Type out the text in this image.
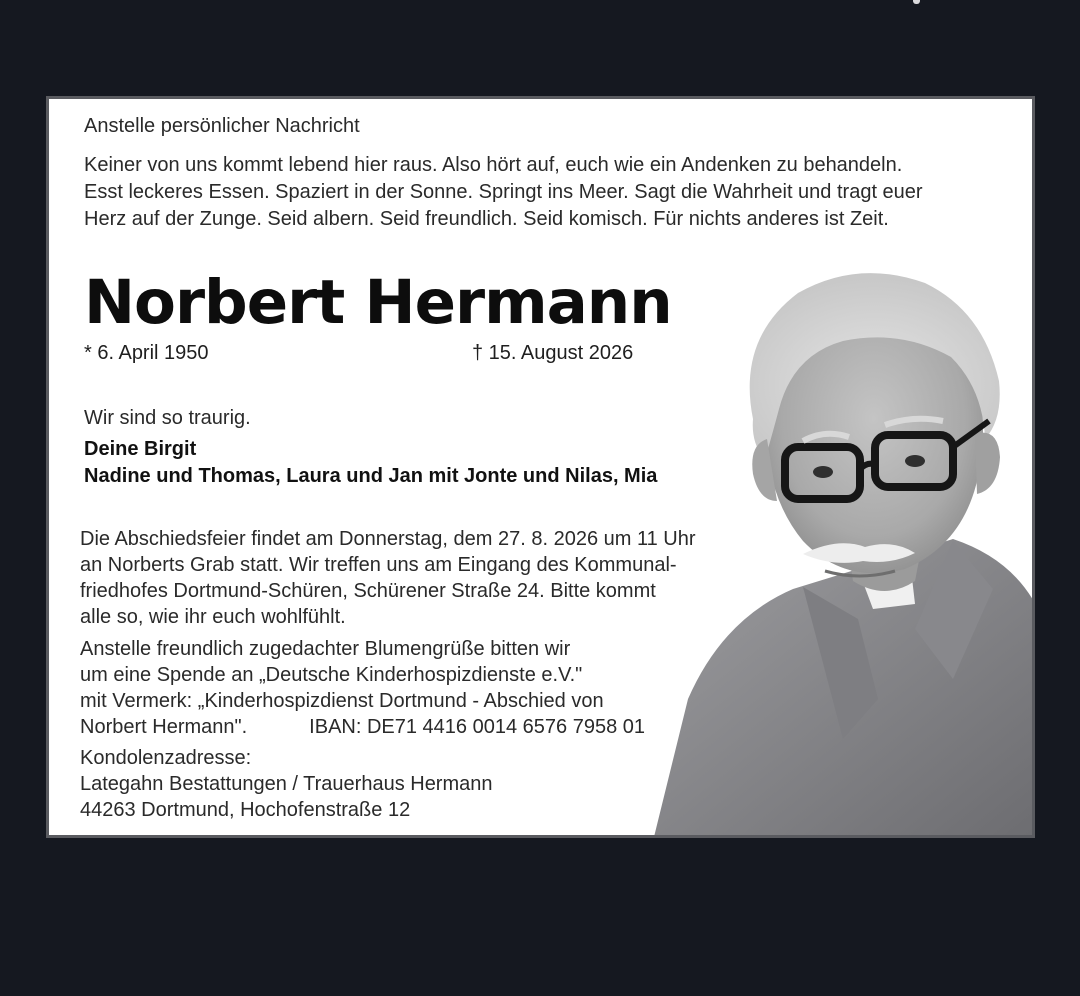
Anstelle persönlicher Nachricht

Keiner von uns kommt lebend hier raus. Also hört auf, euch wie ein Andenken zu behandeln.
Esst leckeres Essen. Spaziert in der Sonne. Springt ins Meer. Sagt die Wahrheit und tragt euer
Herz auf der Zunge. Seid albern. Seid freundlich. Seid komisch. Für nichts anderes ist Zeit.

Norbert Hermann

* 6. April 1950	† 15. August 2026

Wir sind so traurig.

Deine Birgit

Nadine und Thomas, Laura und Jan mit Jonte und Nilas, Mia

Die Abschiedsfeier findet am Donnerstag, dem 27. 8. 2026 um 11 Uhr
an Norberts Grab statt. Wir treffen uns am Eingang des Kommunal-
friedhofes Dortmund-Schüren, Schürener Straße 24. Bitte kommt
alle so, wie ihr euch wohlfühlt.

Anstelle freundlich zugedachter Blumengrüße bitten wir
um eine Spende an „Deutsche Kinderhospizdienste e.V."
mit Vermerk: „Kinderhospizdienst Dortmund - Abschied von
Norbert Hermann".	IBAN: DE71 4416 0014 6576 7958 01

Kondolenzadresse:
Lategahn Bestattungen / Trauerhaus Hermann
44263 Dortmund, Hochofenstraße 12
